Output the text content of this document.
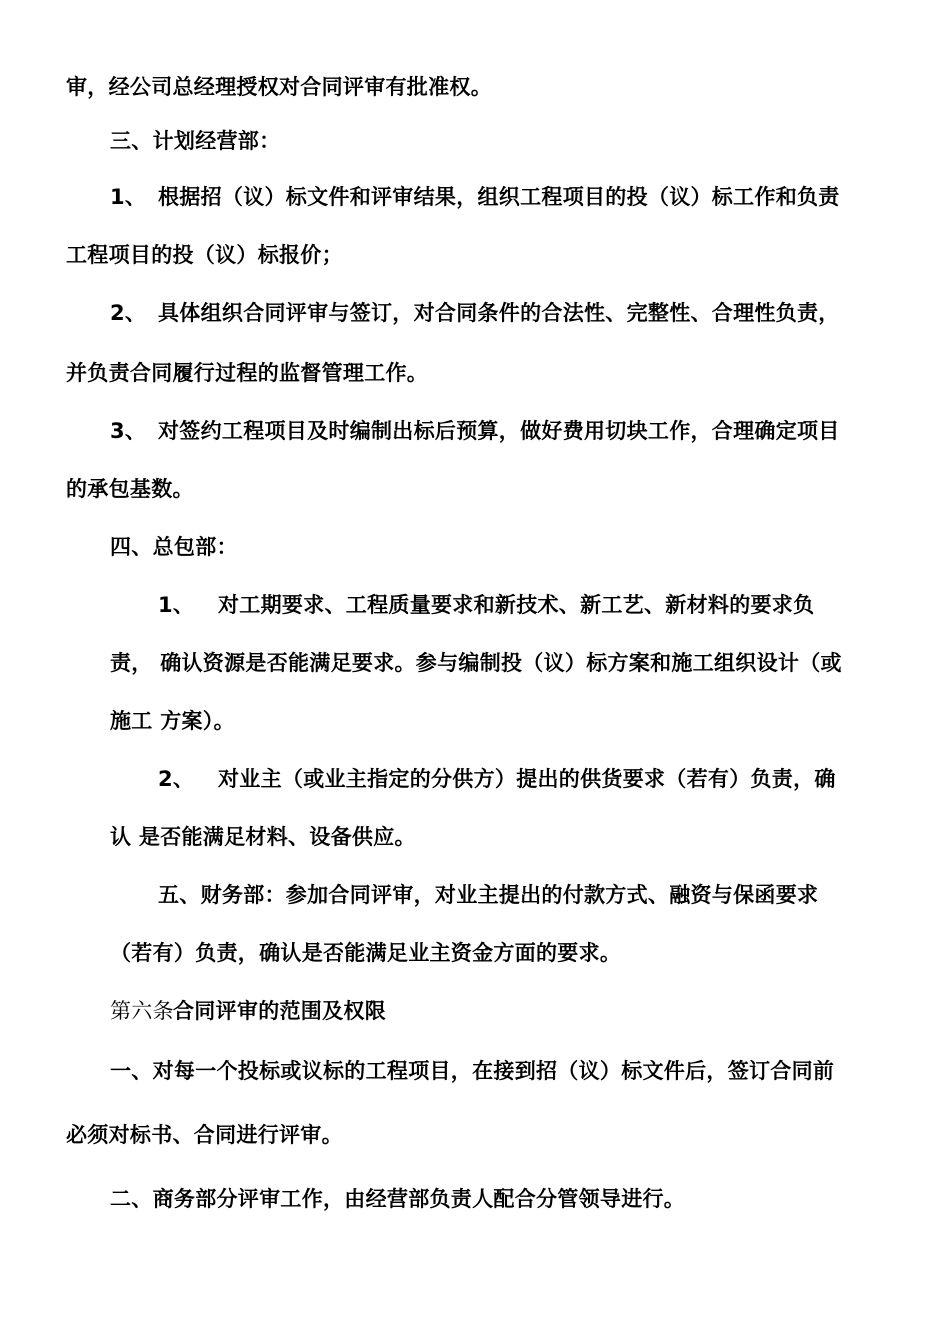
审，经公司总经理授权对合同评审有批准权。
三、计划经营部：
1、 根据招（议）标文件和评审结果，组织工程项目的投（议）标工作和负责
工程项目的投（议）标报价；
2、 具体组织合同评审与签订，对合同条件的合法性、完整性、合理性负责，
并负责合同履行过程的监督管理工作。
3、 对签约工程项目及时编制出标后预算，做好费用切块工作，合理确定项目
的承包基数。
四、总包部：
1、 对工期要求、工程质量要求和新技术、新工艺、新材料的要求负
责， 确认资源是否能满足要求。参与编制投（议）标方案和施工组织设计（或
施工 方案）。
2、 对业主（或业主指定的分供方）提出的供货要求（若有）负责，确
认 是否能满足材料、设备供应。
五、财务部：参加合同评审，对业主提出的付款方式、融资与保函要求
（若有）负责，确认是否能满足业主资金方面的要求。
第六条 合同评审的范围及权限
一、对每一个投标或议标的工程项目，在接到招（议）标文件后，签订合同前
必须对标书、合同进行评审。
二、商务部分评审工作，由经营部负责人配合分管领导进行。
